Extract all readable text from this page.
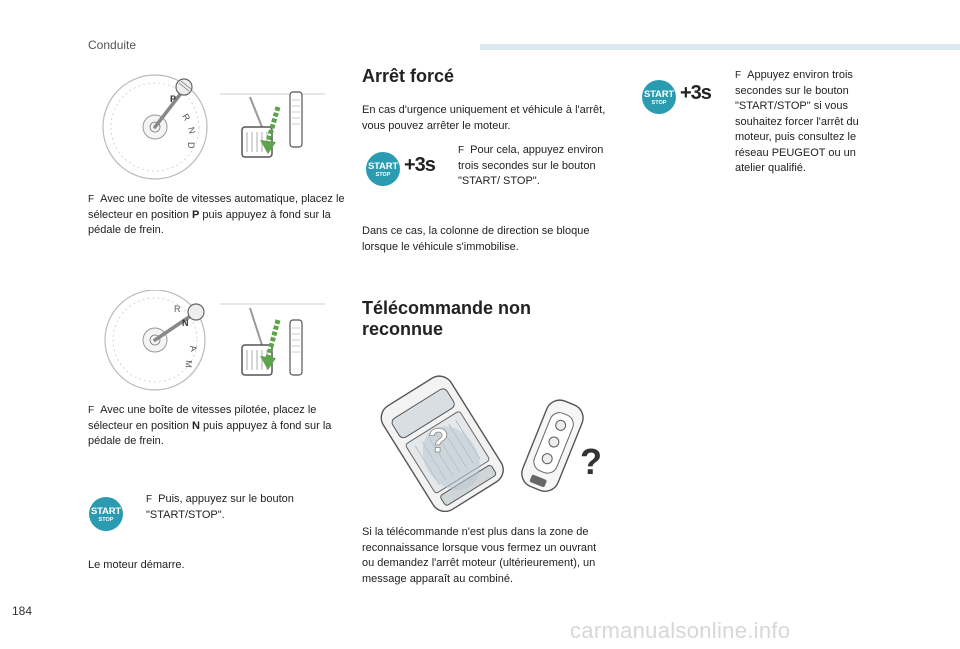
Conduite
P
R
N
D
F Avec une boîte de vitesses automatique, placez le sélecteur en position P puis appuyez à fond sur la pédale de frein.
N
R
A
M
F Avec une boîte de vitesses pilotée, placez le sélecteur en position N puis appuyez à fond sur la pédale de frein.
START
STOP
F Puis, appuyez sur le bouton "START/STOP".
Le moteur démarre.
Arrêt forcé
En cas d'urgence uniquement et véhicule à l'arrêt, vous pouvez arrêter le moteur.
START
STOP +3s
F Pour cela, appuyez environ trois secondes sur le bouton "START/ STOP".
Dans ce cas, la colonne de direction se bloque lorsque le véhicule s'immobilise.
Télécommande non reconnue
?	?
Si la télécommande n'est plus dans la zone de reconnaissance lorsque vous fermez un ouvrant ou demandez l'arrêt moteur (ultérieurement), un message apparaît au combiné.
START
STOP +3s
F Appuyez environ trois secondes sur le bouton "START/STOP" si vous souhaitez forcer l'arrêt du moteur, puis consultez le réseau PEUGEOT ou un atelier qualifié.
184
carmanualsonline.info
